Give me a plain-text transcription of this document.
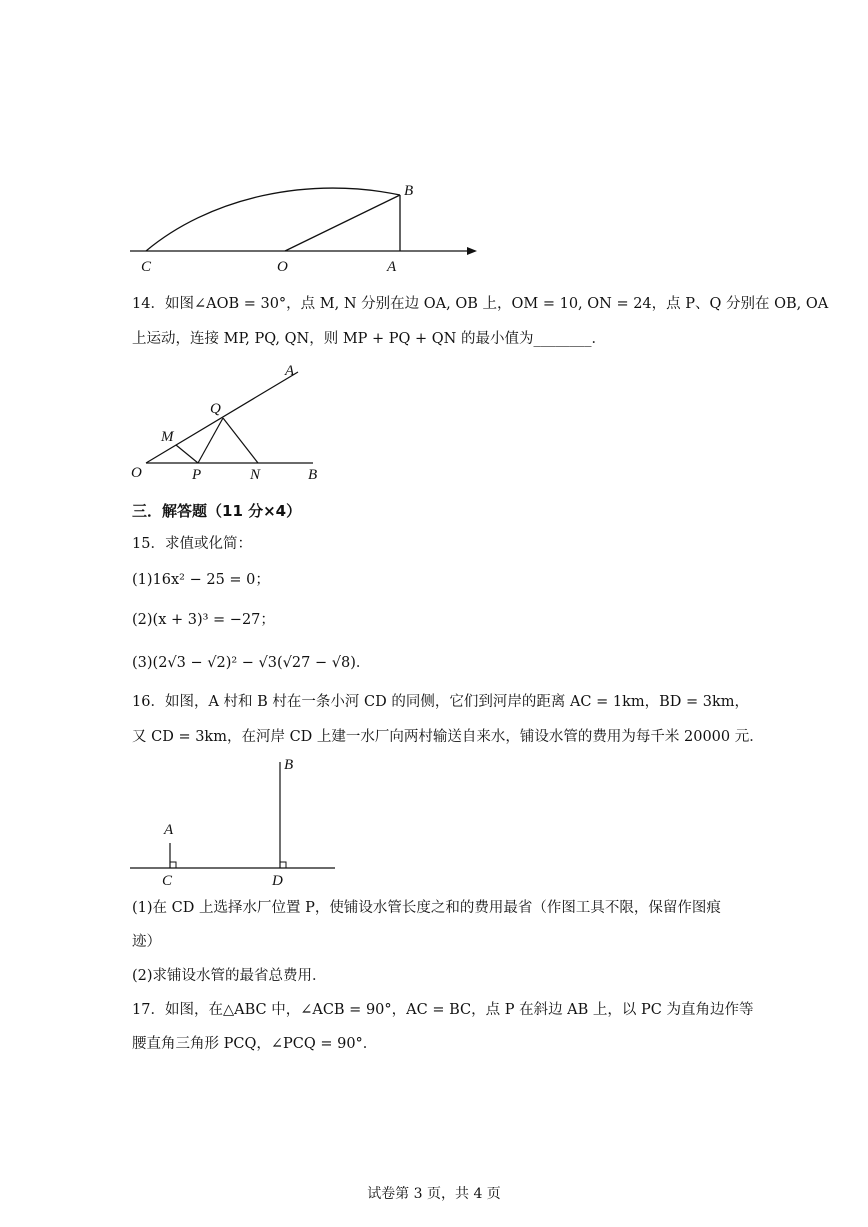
C	O	A
B
14．如图∠AOB = 30°，点 M, N 分别在边 OA, OB 上，OM = 10, ON = 24，点 P、Q 分别在 OB, OA
上运动，连接 MP, PQ, QN，则 MP + PQ + QN 的最小值为________．
A
Q
M
O	P	N	B
三．解答题（11 分×4）
15．求值或化简：
(1)16x² − 25 = 0；
(2)(x + 3)³ = −27；
(3)(2√3 − √2)² − √3(√27 − √8)．
16．如图，A 村和 B 村在一条小河 CD 的同侧，它们到河岸的距离 AC = 1km，BD = 3km，
又 CD = 3km，在河岸 CD 上建一水厂向两村输送自来水，铺设水管的费用为每千米 20000 元．
B
A
C	D
(1)在 CD 上选择水厂位置 P，使铺设水管长度之和的费用最省（作图工具不限，保留作图痕
迹）
(2)求铺设水管的最省总费用．
17．如图，在△ABC 中，∠ACB = 90°，AC = BC，点 P 在斜边 AB 上，以 PC 为直角边作等
腰直角三角形 PCQ，∠PCQ = 90°．
试卷第 3 页，共 4 页
